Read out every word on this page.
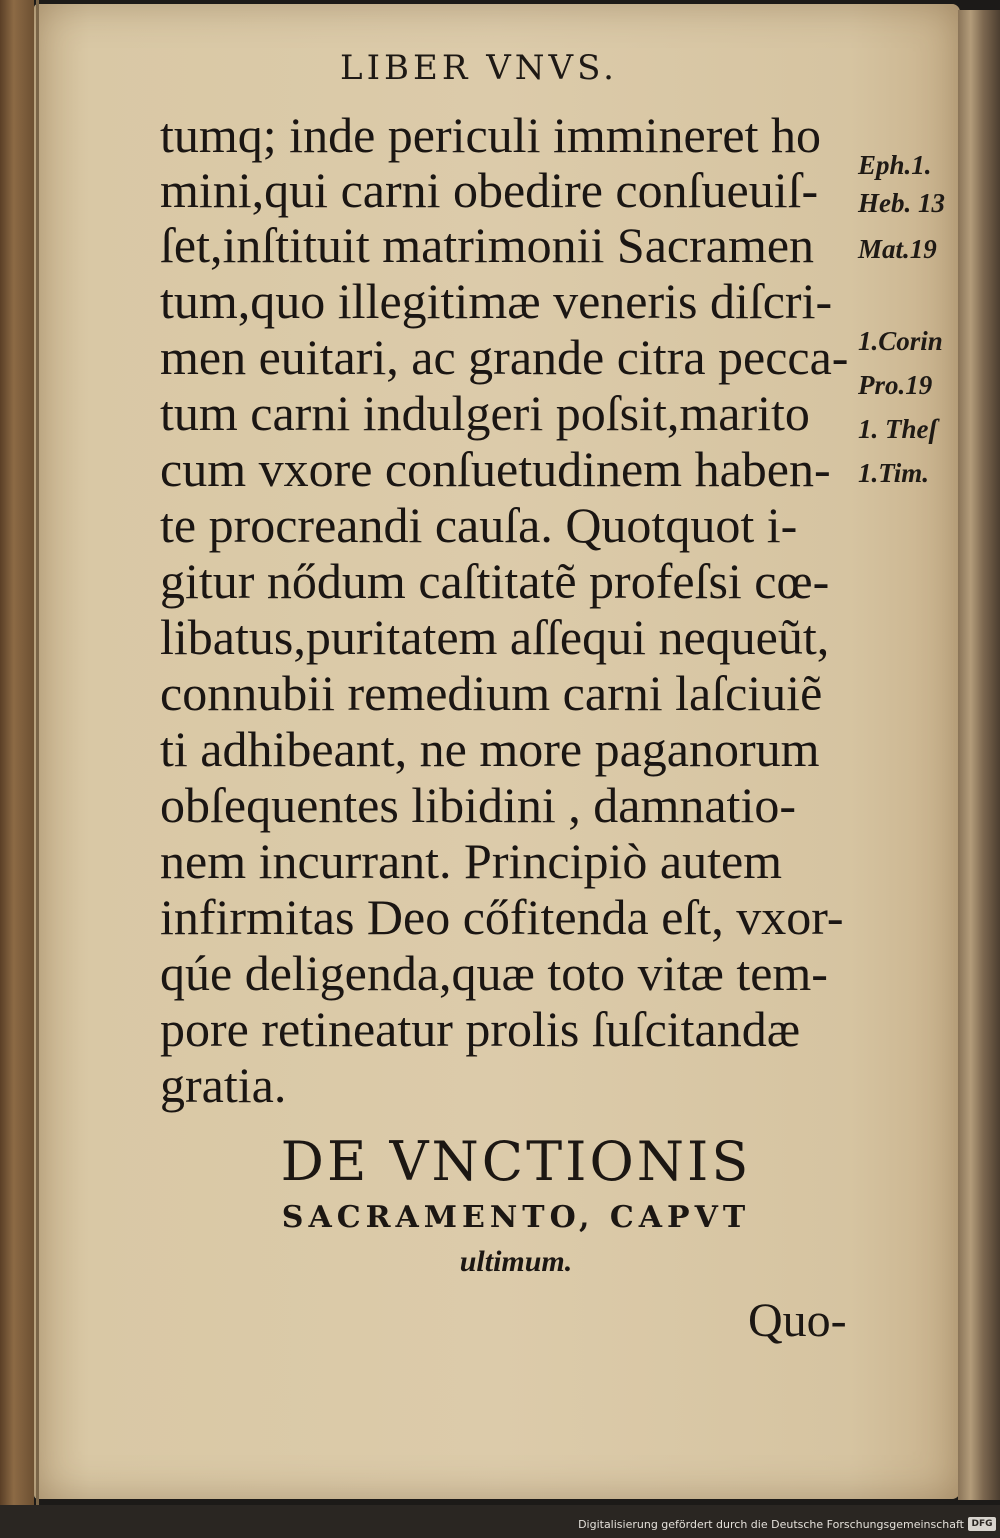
LIBER VNVS.
tumq; inde periculi immineret ho
mini,qui carni obedire conſueuiſ-
ſet,inſtituit matrimonii Sacramen
tum,quo illegitimæ veneris diſcri-
men euitari, ac grande citra pecca-
tum carni indulgeri poſsit,marito
cum vxore conſuetudinem haben-
te procreandi cauſa. Quotquot i-
gitur nődum caſtitatẽ profeſsi cœ-
libatus,puritatem aſſequi nequeũt,
connubii remedium carni laſciuiẽ
ti adhibeant, ne more paganorum
obſequentes libidini , damnatio-
nem incurrant. Principiò autem
infirmitas Deo cőfitenda eſt, vxor-
qúe deligenda,quæ toto vitæ tem-
pore retineatur prolis ſuſcitandæ
gratia.
Eph.1.
Heb. 13
Mat.19
1.Corin
Pro.19
1. Theſ
1.Tim.
DE VNCTIONIS
SACRAMENTO, CAPVT
ultimum.
Quo-
Digitalisierung gefördert durch die Deutsche Forschungsgemeinschaft DFG
